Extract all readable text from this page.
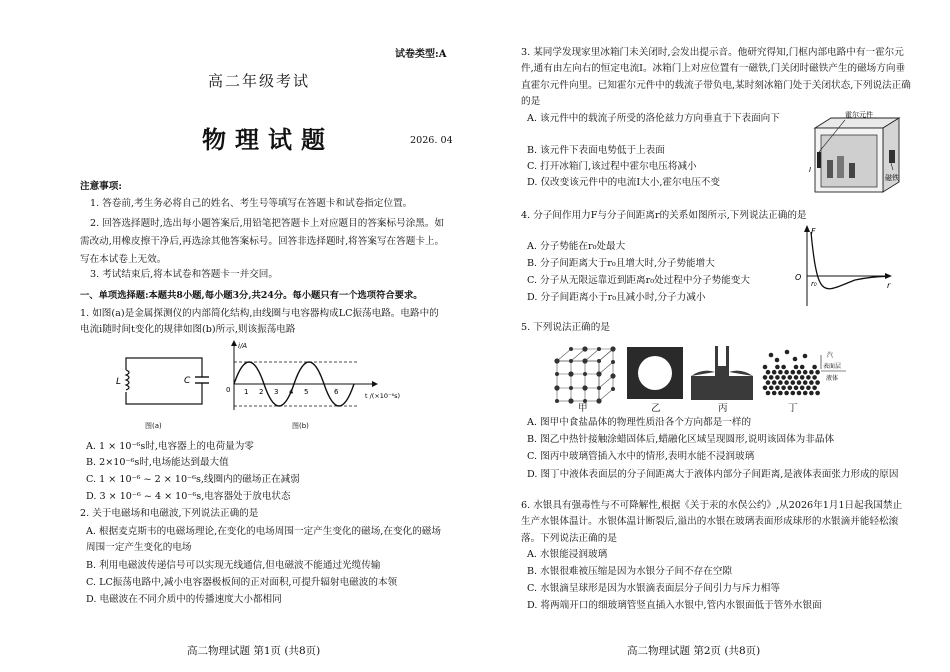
试卷类型:A
高二年级考试
物理试题	2026. 04
注意事项:
1. 答卷前,考生务必将自己的姓名、考生号等填写在答题卡和试卷指定位置。
2. 回答选择题时,选出每小题答案后,用铅笔把答题卡上对应题目的答案标号涂黑。如需改动,用橡皮擦干净后,再选涂其他答案标号。回答非选择题时,将答案写在答题卡上。写在本试卷上无效。
3. 考试结束后,将本试卷和答题卡一并交回。
一、单项选择题:本题共8小题,每小题3分,共24分。每小题只有一个选项符合要求。
1. 如图(a)是金属探测仪的内部简化结构,由线圈与电容器构成LC振荡电路。电路中的电流i随时间t变化的规律如图(b)所示,则该振荡电路
L	C
图(a)
i/A
0 1 2 3 4 5	6	t /(×10⁻⁶s)
图(b)
A. 1 × 10⁻⁶s时,电容器上的电荷量为零
B. 2×10⁻⁶s时,电场能达到最大值
C. 1 × 10⁻⁶ ~ 2 × 10⁻⁶s,线圈内的磁场正在减弱
D. 3 × 10⁻⁶ ~ 4 × 10⁻⁶s,电容器处于放电状态
2. 关于电磁场和电磁波,下列说法正确的是
A. 根据麦克斯韦的电磁场理论,在变化的电场周围一定产生变化的磁场,在变化的磁场周围一定产生变化的电场
B. 利用电磁波传递信号可以实现无线通信,但电磁波不能通过光缆传输
C. LC振荡电路中,减小电容器极板间的正对面积,可提升辐射电磁波的本领
D. 电磁波在不同介质中的传播速度大小都相同
高二物理试题 第1页 (共8页)
3. 某同学发现家里冰箱门未关闭时,会发出提示音。他研究得知,门框内部电路中有一霍尔元件,通有由左向右的恒定电流I。冰箱门上对应位置有一磁铁,门关闭时磁铁产生的磁场方向垂直霍尔元件向里。已知霍尔元件中的载流子带负电,某时刻冰箱门处于关闭状态,下列说法正确的是
A. 该元件中的载流子所受的洛伦兹力方向垂直于下表面向下
B. 该元件下表面电势低于上表面
C. 打开冰箱门,该过程中霍尔电压将减小
D. 仅改变该元件中的电流I大小,霍尔电压不变
霍尔元件
I
磁铁
4. 分子间作用力F与分子间距离r的关系如图所示,下列说法正确的是
A. 分子势能在r₀处最大
B. 分子间距离大于r₀且增大时,分子势能增大
C. 分子从无限远靠近到距离r₀处过程中分子势能变大
D. 分子间距离小于r₀且减小时,分子力减小
F
O
r₀	r
5. 下列说法正确的是
汽
表面层
液体
甲	乙	丙	丁
A. 图甲中食盐晶体的物理性质沿各个方向都是一样的
B. 图乙中热针接触涂蜡固体后,蜡融化区域呈现圆形,说明该固体为非晶体
C. 图丙中玻璃管插入水中的情形,表明水能不浸润玻璃
D. 图丁中液体表面层的分子间距离大于液体内部分子间距离,是液体表面张力形成的原因
6. 水银具有强毒性与不可降解性,根据《关于汞的水俣公约》,从2026年1月1日起我国禁止生产水银体温计。水银体温计断裂后,溢出的水银在玻璃表面形成球形的水银滴并能轻松滚落。下列说法正确的是
A. 水银能浸润玻璃
B. 水银很难被压缩是因为水银分子间不存在空隙
C. 水银滴呈球形是因为水银滴表面层分子间引力与斥力相等
D. 将两端开口的细玻璃管竖直插入水银中,管内水银面低于管外水银面
高二物理试题 第2页 (共8页)
